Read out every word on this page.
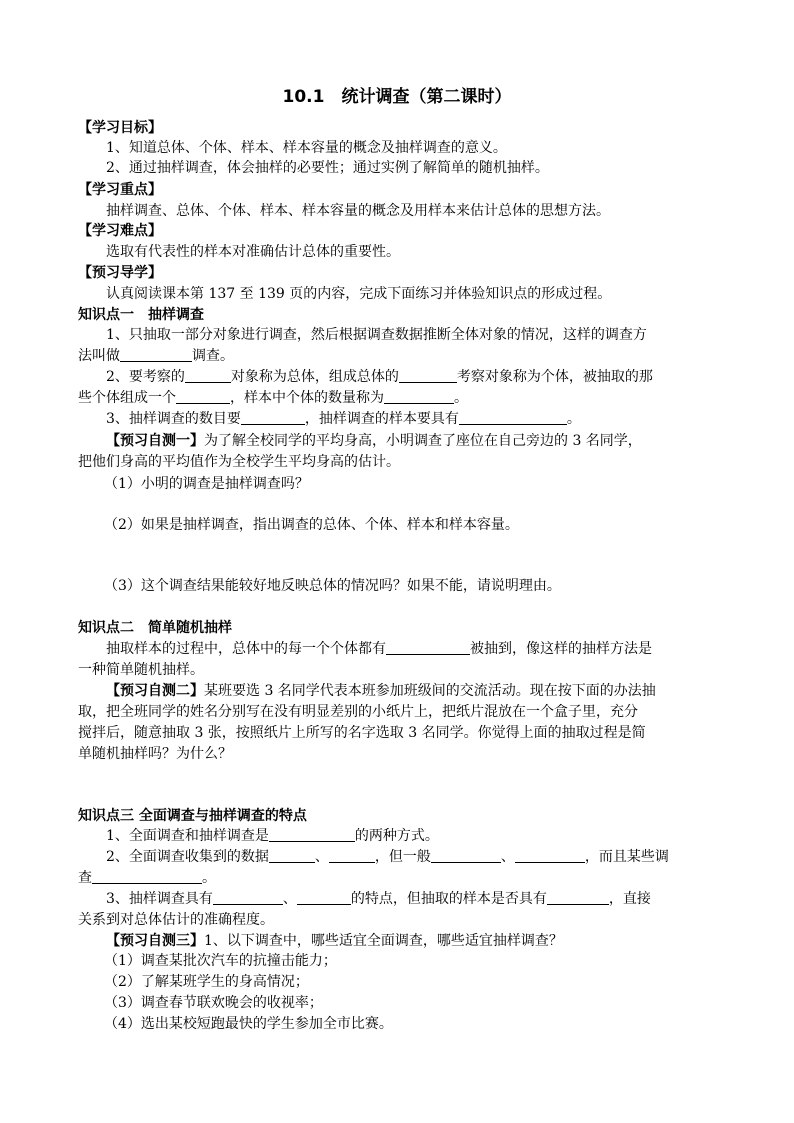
10.1　统计调查（第二课时）
【学习目标】
1、知道总体、个体、样本、样本容量的概念及抽样调查的意义。
2、通过抽样调查，体会抽样的必要性；通过实例了解简单的随机抽样。
【学习重点】
抽样调查、总体、个体、样本、样本容量的概念及用样本来估计总体的思想方法。
【学习难点】
选取有代表性的样本对准确估计总体的重要性。
【预习导学】
认真阅读课本第 137 至 139 页的内容，完成下面练习并体验知识点的形成过程。
知识点一　抽样调查
1、只抽取一部分对象进行调查，然后根据调查数据推断全体对象的情况，这样的调查方
法叫做	调查。
2、要考察的	对象称为总体，组成总体的	考察对象称为个体，被抽取的那
些个体组成一个	，样本中个体的数量称为	。
3、抽样调查的数目要	，抽样调查的样本要具有	。
【预习自测一】为了解全校同学的平均身高，小明调查了座位在自己旁边的 3 名同学，
把他们身高的平均值作为全校学生平均身高的估计。
（1）小明的调查是抽样调查吗？
（2）如果是抽样调查，指出调查的总体、个体、样本和样本容量。
（3）这个调查结果能较好地反映总体的情况吗？如果不能，请说明理由。
知识点二　简单随机抽样
抽取样本的过程中，总体中的每一个个体都有	被抽到，像这样的抽样方法是
一种简单随机抽样。
【预习自测二】某班要选 3 名同学代表本班参加班级间的交流活动。现在按下面的办法抽
取，把全班同学的姓名分别写在没有明显差别的小纸片上，把纸片混放在一个盒子里，充分
搅拌后，随意抽取 3 张，按照纸片上所写的名字选取 3 名同学。你觉得上面的抽取过程是简
单随机抽样吗？为什么？
知识点三 全面调查与抽样调查的特点
1、全面调查和抽样调查是	的两种方式。
2、全面调查收集到的数据	、	，但一般	、	，而且某些调
查	。
3、抽样调查具有	、	的特点，但抽取的样本是否具有	，直接
关系到对总体估计的准确程度。
【预习自测三】1、以下调查中，哪些适宜全面调查，哪些适宜抽样调查？
（1）调查某批次汽车的抗撞击能力；
（2）了解某班学生的身高情况；
（3）调查春节联欢晚会的收视率；
（4）选出某校短跑最快的学生参加全市比赛。
